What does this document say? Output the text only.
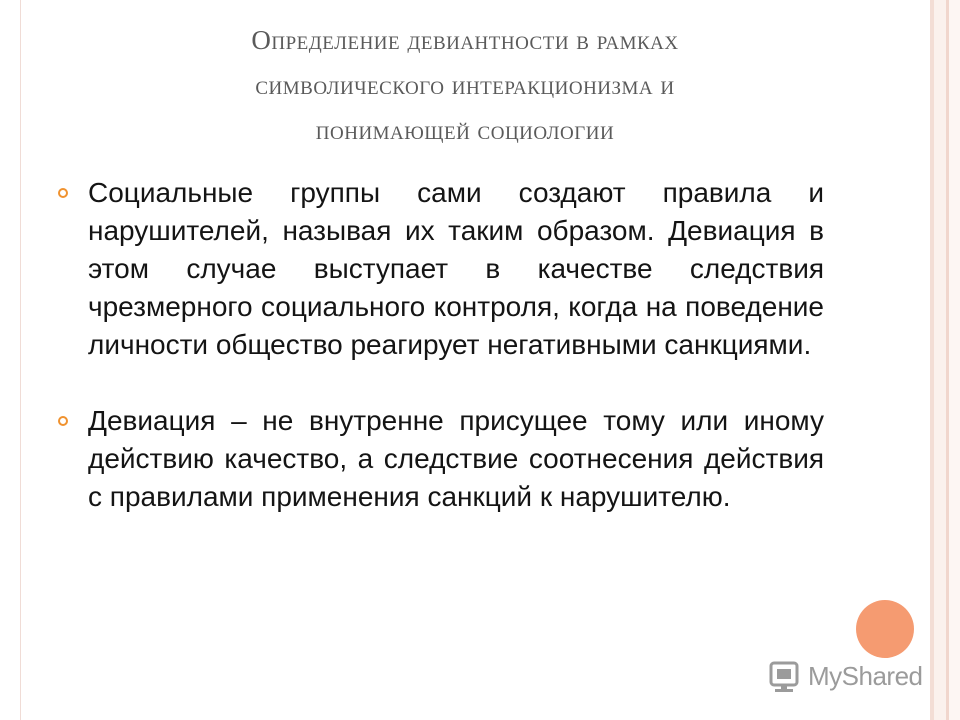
Определение девиантности в рамках
символического интеракционизма и
понимающей социологии

Социальные группы сами создают правила и нарушителей, называя их таким образом. Девиация в этом случае выступает в качестве следствия чрезмерного социального контроля, когда на поведение личности общество реагирует негативными санкциями.

Девиация – не внутренне присущее тому или иному действию качество, а следствие соотнесения действия с правилами применения санкций к нарушителю.

MyShared
